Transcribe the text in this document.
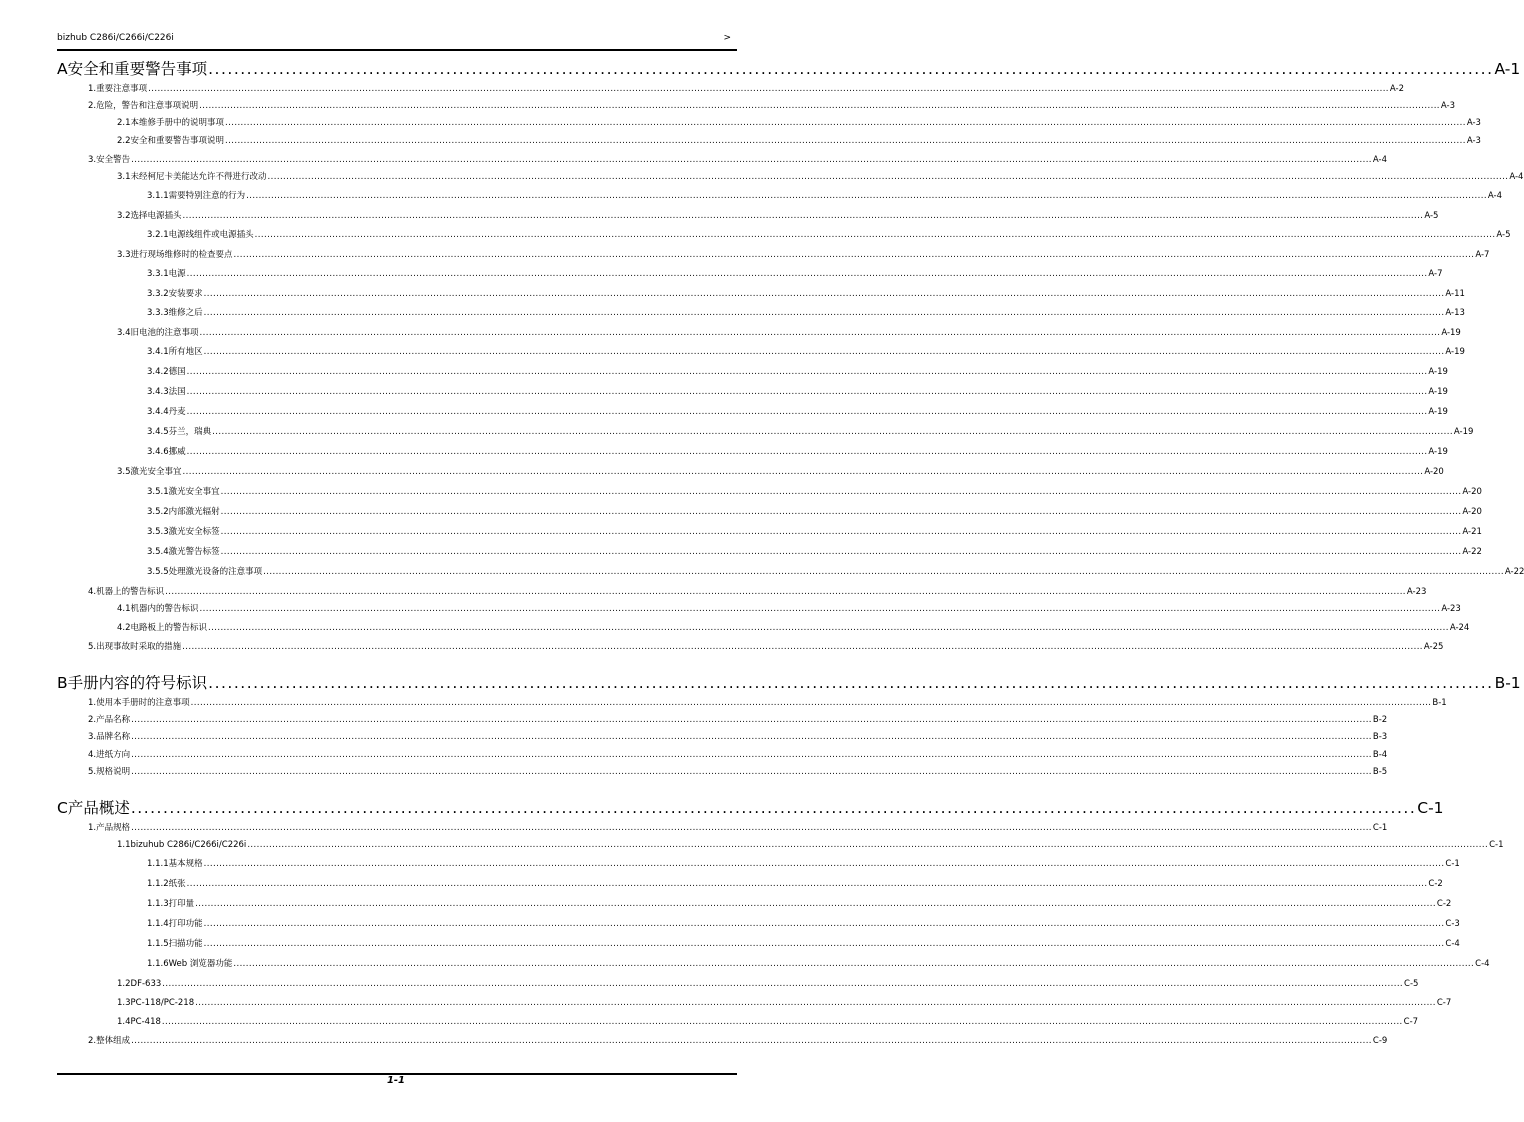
bizhub C286i/C266i/C226i	>
A 安全和重要警告事项 ........................................................................................................................................................................................................ A-1
1. 重要注意事项 ................................................................................................................................................................................................................................................................................................................................................................................................................ A-2
2. 危险，警告和注意事项说明 ................................................................................................................................................................................................................................................................................................................................................................................................................ A-3
2.1 本维修手册中的说明事项 ................................................................................................................................................................................................................................................................................................................................................................................................................ A-3
2.2 安全和重要警告事项说明 ................................................................................................................................................................................................................................................................................................................................................................................................................ A-3
3. 安全警告 ................................................................................................................................................................................................................................................................................................................................................................................................................ A-4
3.1 未经柯尼卡美能达允许不得进行改动 ................................................................................................................................................................................................................................................................................................................................................................................................................ A-4
3.1.1 需要特别注意的行为 ................................................................................................................................................................................................................................................................................................................................................................................................................ A-4
3.2 选择电源插头 ................................................................................................................................................................................................................................................................................................................................................................................................................ A-5
3.2.1 电源线组件或电源插头 ................................................................................................................................................................................................................................................................................................................................................................................................................ A-5
3.3 进行现场维修时的检查要点 ................................................................................................................................................................................................................................................................................................................................................................................................................ A-7
3.3.1 电源 ................................................................................................................................................................................................................................................................................................................................................................................................................ A-7
3.3.2 安装要求 ................................................................................................................................................................................................................................................................................................................................................................................................................ A-11
3.3.3 维修之后 ................................................................................................................................................................................................................................................................................................................................................................................................................ A-13
3.4 旧电池的注意事项 ................................................................................................................................................................................................................................................................................................................................................................................................................ A-19
3.4.1 所有地区 ................................................................................................................................................................................................................................................................................................................................................................................................................ A-19
3.4.2 德国 ................................................................................................................................................................................................................................................................................................................................................................................................................ A-19
3.4.3 法国 ................................................................................................................................................................................................................................................................................................................................................................................................................ A-19
3.4.4 丹麦 ................................................................................................................................................................................................................................................................................................................................................................................................................ A-19
3.4.5 芬兰，瑞典 ................................................................................................................................................................................................................................................................................................................................................................................................................ A-19
3.4.6 挪威 ................................................................................................................................................................................................................................................................................................................................................................................................................ A-19
3.5 激光安全事宜 ................................................................................................................................................................................................................................................................................................................................................................................................................ A-20
3.5.1 激光安全事宜 ................................................................................................................................................................................................................................................................................................................................................................................................................ A-20
3.5.2 内部激光辐射 ................................................................................................................................................................................................................................................................................................................................................................................................................ A-20
3.5.3 激光安全标签 ................................................................................................................................................................................................................................................................................................................................................................................................................ A-21
3.5.4 激光警告标签 ................................................................................................................................................................................................................................................................................................................................................................................................................ A-22
3.5.5 处理激光设备的注意事项 ................................................................................................................................................................................................................................................................................................................................................................................................................ A-22
4. 机器上的警告标识 ................................................................................................................................................................................................................................................................................................................................................................................................................ A-23
4.1 机器内的警告标识 ................................................................................................................................................................................................................................................................................................................................................................................................................ A-23
4.2 电路板上的警告标识 ................................................................................................................................................................................................................................................................................................................................................................................................................ A-24
5. 出现事故时采取的措施 ................................................................................................................................................................................................................................................................................................................................................................................................................ A-25
B 手册内容的符号标识 ........................................................................................................................................................................................................ B-1
1. 使用本手册时的注意事项 ................................................................................................................................................................................................................................................................................................................................................................................................................ B-1
2. 产品名称 ................................................................................................................................................................................................................................................................................................................................................................................................................ B-2
3. 品牌名称 ................................................................................................................................................................................................................................................................................................................................................................................................................ B-3
4. 进纸方向 ................................................................................................................................................................................................................................................................................................................................................................................................................ B-4
5. 规格说明 ................................................................................................................................................................................................................................................................................................................................................................................................................ B-5
C 产品概述 ........................................................................................................................................................................................................ C-1
1. 产品规格 ................................................................................................................................................................................................................................................................................................................................................................................................................ C-1
1.1 bizuhub C286i/C266i/C226i ................................................................................................................................................................................................................................................................................................................................................................................................................ C-1
1.1.1 基本规格 ................................................................................................................................................................................................................................................................................................................................................................................................................ C-1
1.1.2 纸张 ................................................................................................................................................................................................................................................................................................................................................................................................................ C-2
1.1.3 打印量 ................................................................................................................................................................................................................................................................................................................................................................................................................ C-2
1.1.4 打印功能 ................................................................................................................................................................................................................................................................................................................................................................................................................ C-3
1.1.5 扫描功能 ................................................................................................................................................................................................................................................................................................................................................................................................................ C-4
1.1.6 Web 浏览器功能 ................................................................................................................................................................................................................................................................................................................................................................................................................ C-4
1.2 DF-633 ................................................................................................................................................................................................................................................................................................................................................................................................................ C-5
1.3 PC-118/PC-218 ................................................................................................................................................................................................................................................................................................................................................................................................................ C-7
1.4 PC-418 ................................................................................................................................................................................................................................................................................................................................................................................................................ C-7
2. 整体组成 ................................................................................................................................................................................................................................................................................................................................................................................................................ C-9
1-1
